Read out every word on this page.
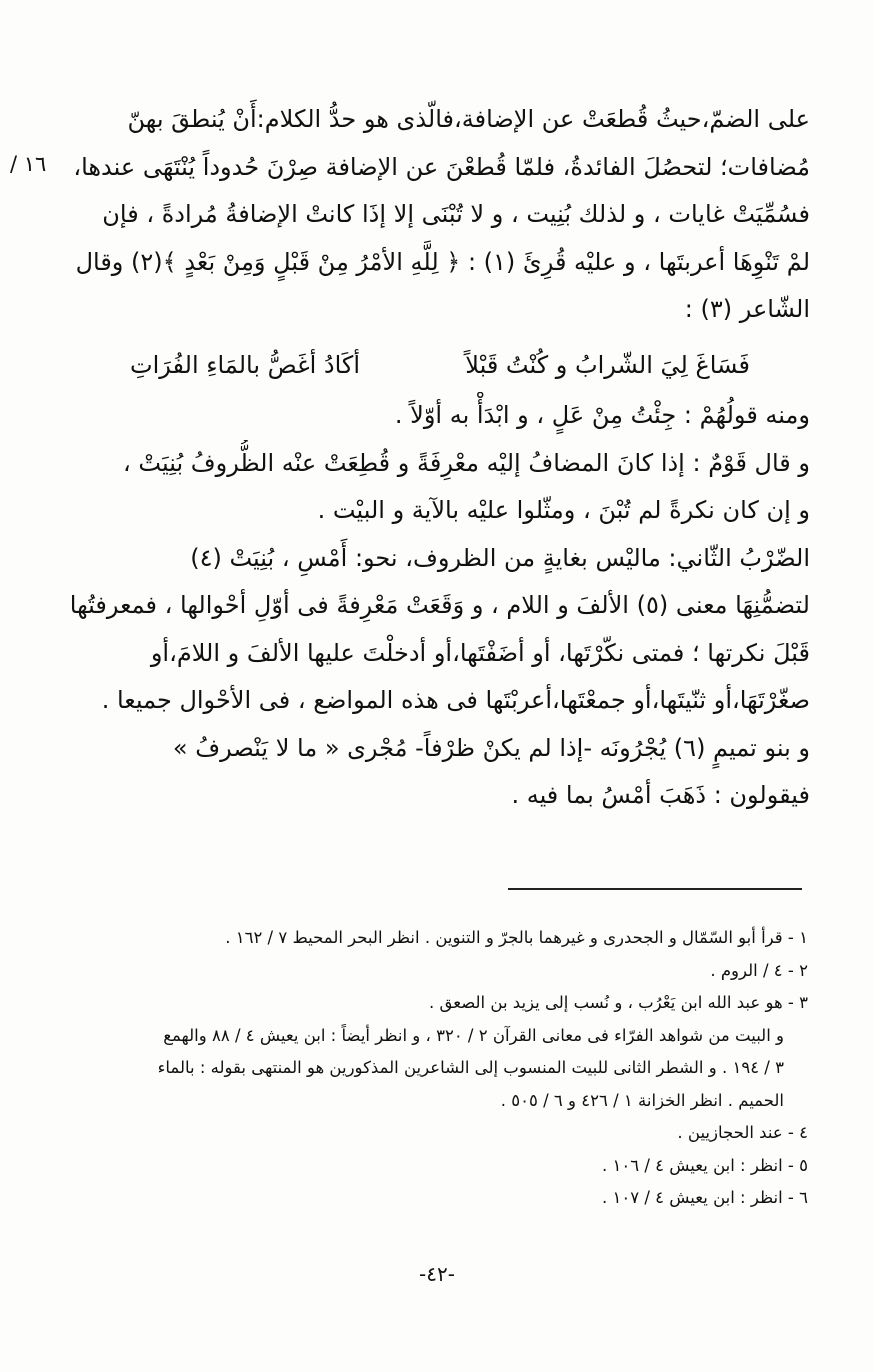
١٦ /
على الضمّ،حيثُ قُطعَتْ عن الإضافة،فالّذى هو حدُّ الكلام:أَنْ يُنطقَ بهنّ
مُضافات؛ لتحصُلَ الفائدةُ، فلمّا قُطعْنَ عن الإضافة صِرْنَ حُدوداً يُنْتَهَى عندها،
فسُمِّيَتْ غايات ، و لذلك بُنِيت ، و لا تُبْنَى إلا إذَا كانتْ الإضافةُ مُرادةً ، فإن
لمْ تَنْوِهَا أعربتَها ، و عليْه قُرِئَ (١) : ﴿ لِلَّهِ الأمْرُ مِنْ قَبْلٍ وَمِنْ بَعْدٍ ﴾(٢) وقال
الشّاعر (٣) :
فَسَاغَ لِيَ الشّرابُ و كُنْتُ قَبْلاً
أكَادُ أغَصُّ بالمَاءِ الفُرَاتِ
ومنه قولُهُمْ : جِئْتُ مِنْ عَلٍ ، و ابْدَأْ به أوّلاً .
و قال قَوْمٌ : إذا كانَ المضافُ إليْه معْرِفَةً و قُطِعَتْ عنْه الظُّروفُ بُنِيَتْ ،
و إن كان نكرةً لم تُبْنَ ، ومثّلوا عليْه بالآية و البيْت .
الضّرْبُ الثّاني: ماليْس بغايةٍ من الظروف، نحو: أَمْسِ ، بُنِيَتْ (٤)
لتضمُّنِهَا معنى (٥) الألفَ و اللام ، و وَقَعَتْ مَعْرِفةً فى أوّلِ أحْوالها ، فمعرفتُها
قَبْلَ نكرتها ؛ فمتى نكّرْتَها، أو أضَفْتَها،أو أدخلْتَ عليها الألفَ و اللامَ،أو
صغّرْتَهَا،أو ثنّيتَها،أو جمعْتَها،أعربْتَها فى هذه المواضع ، فى الأحْوال جميعا .
و بنو تميمٍ (٦) يُجْرُونَه -إذا لم يكنْ ظرْفاً- مُجْرى « ما لا يَنْصرفُ »
فيقولون : ذَهَبَ أمْسُ بما فيه .
١ - قرأ أبو السّمّال و الجحدرى و غيرهما بالجرّ و التنوين . انظر البحر المحيط ٧ / ١٦٢ .
٢ - ٤ / الروم .
٣ - هو عبد الله ابن يَعْرُب ، و نُسب إلى يزيد بن الصعق .
و البيت من شواهد الفرّاء فى معانى القرآن ٢ / ٣٢٠ ، و انظر أيضاً : ابن يعيش ٤ / ٨٨ والهمع
٣ / ١٩٤ . و الشطر الثانى للبيت المنسوب إلى الشاعرين المذكورين هو المنتهى بقوله : بالماء
الحميم . انظر الخزانة ١ / ٤٢٦ و ٦ / ٥٠٥ .
٤ - عند الحجازيين .
٥ - انظر : ابن يعيش ٤ / ١٠٦ .
٦ - انظر : ابن يعيش ٤ / ١٠٧ .
-٤٢-
